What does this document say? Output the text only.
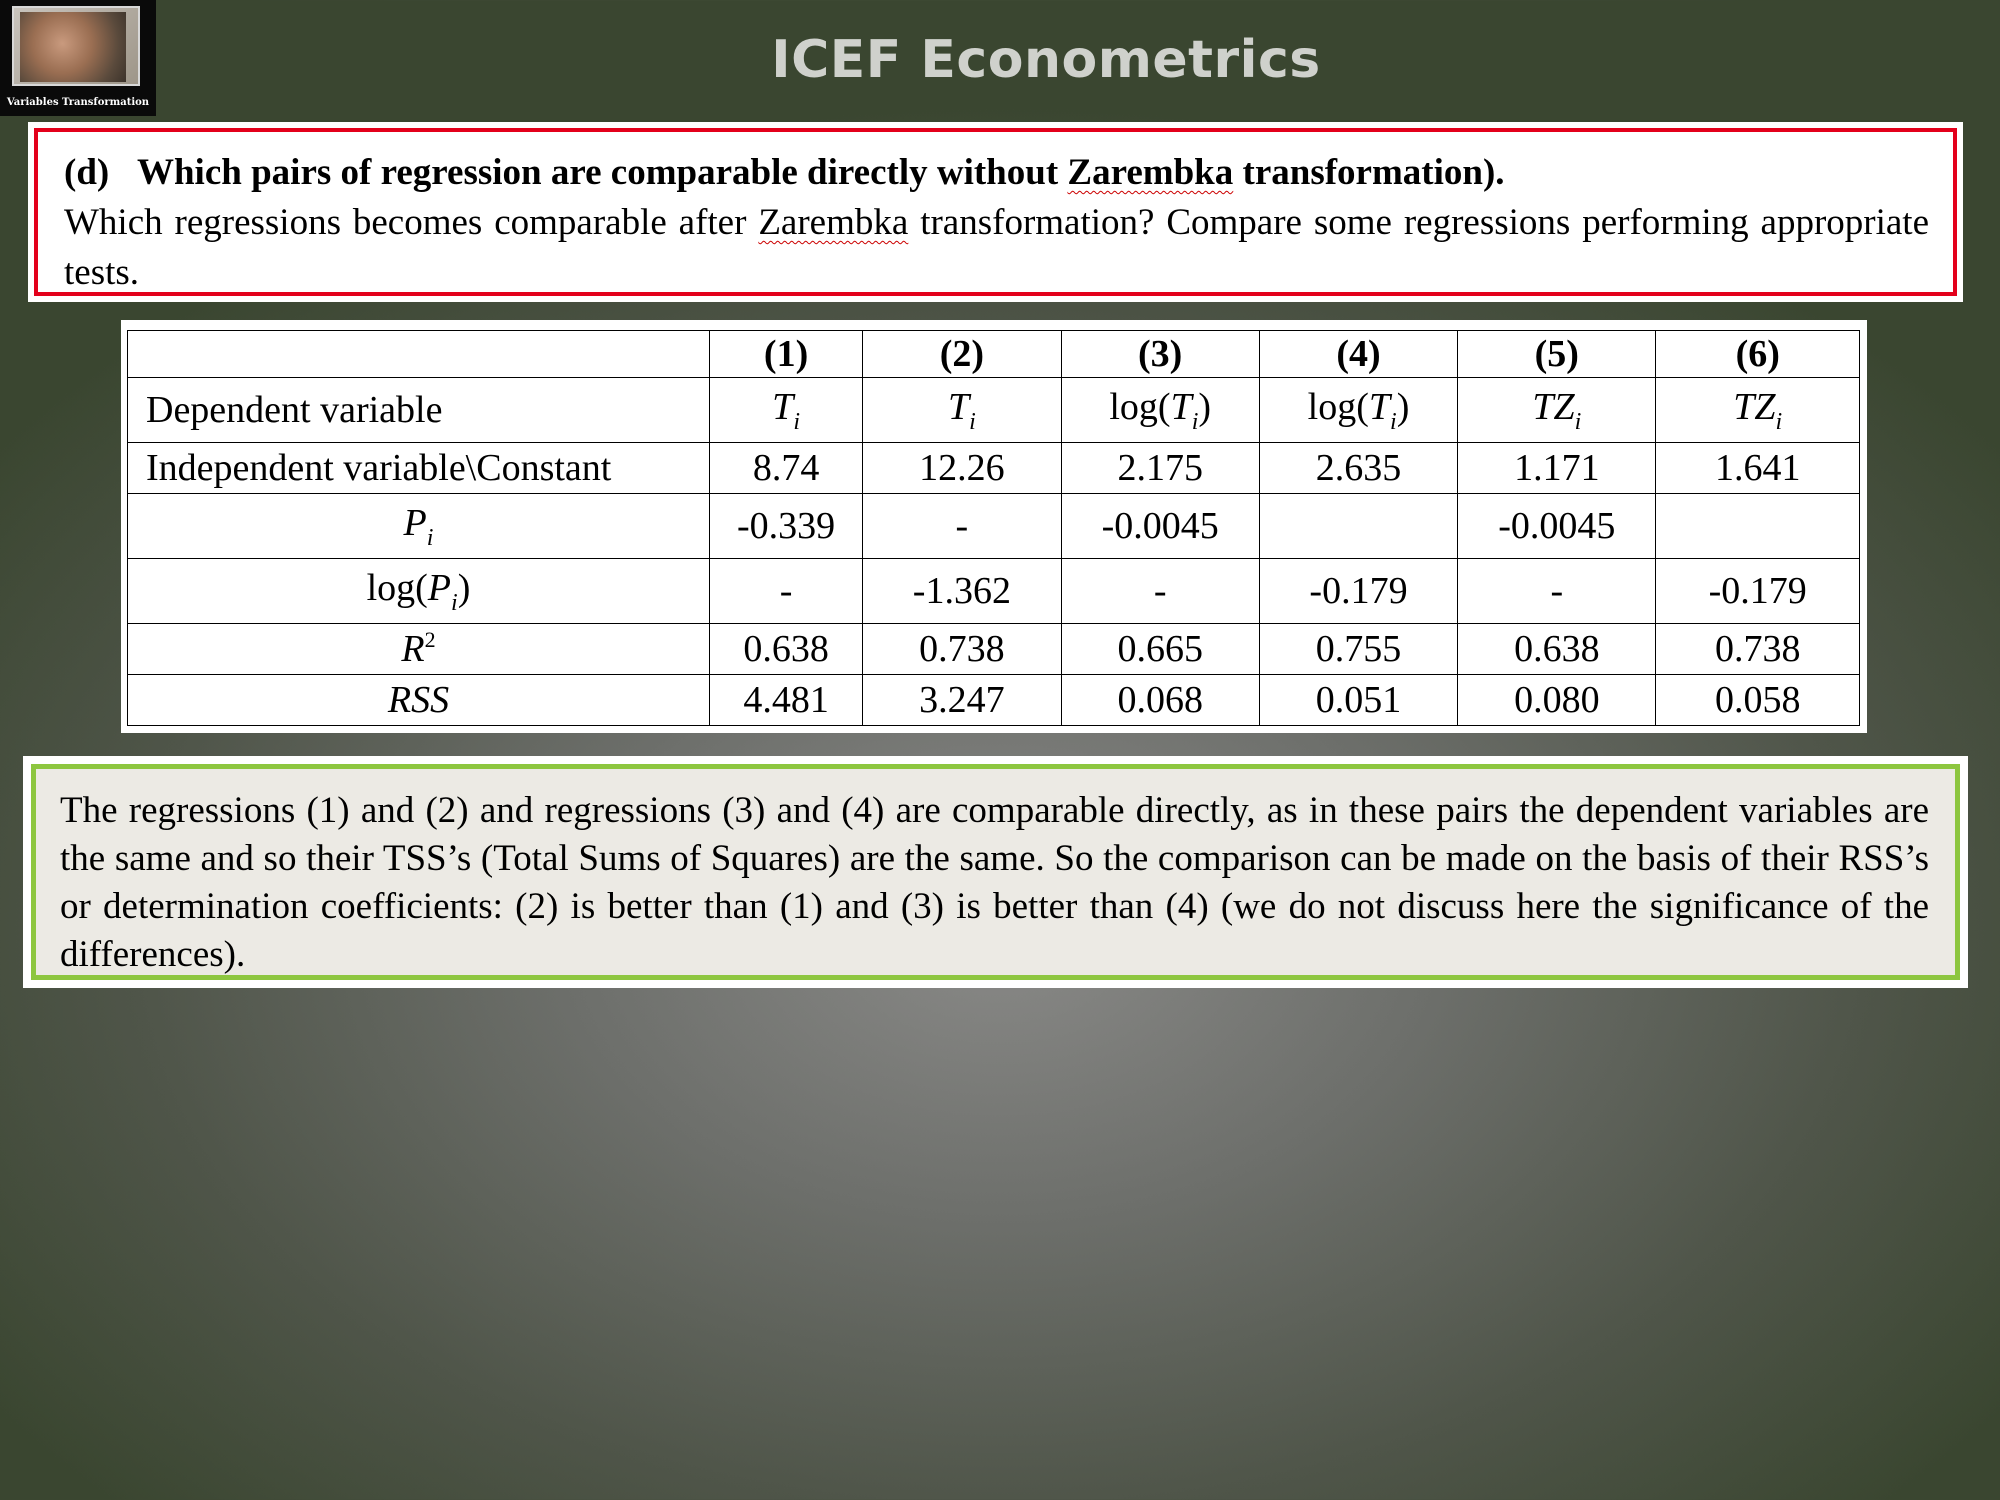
Variables Transformation
ICEF Econometrics
(d) Which pairs of regression are comparable directly without Zarembka transformation).
Which regressions becomes comparable after Zarembka transformation? Compare some regressions performing appropriate tests.
	(1)	(2)	(3)	(4)	(5)	(6)
Dependent variable	$T_i$	$T_i$	$\log(T_i)$	$\log(T_i)$	$TZ_i$	$TZ_i$
Independent variable\Constant	8.74	12.26	2.175	2.635	1.171	1.641
$P_i$	-0.339	-	-0.0045		-0.0045	
$\log(P_i)$	-	-1.362	-	-0.179	-	-0.179
$R^2$	0.638	0.738	0.665	0.755	0.638	0.738
RSS	4.481	3.247	0.068	0.051	0.080	0.058
The regressions (1) and (2) and regressions (3) and (4) are comparable directly, as in these pairs the dependent variables are the same and so their TSS’s (Total Sums of Squares) are the same. So the comparison can be made on the basis of their RSS’s or determination coefficients: (2) is better than (1) and (3) is better than (4) (we do not discuss here the significance of the differences).
